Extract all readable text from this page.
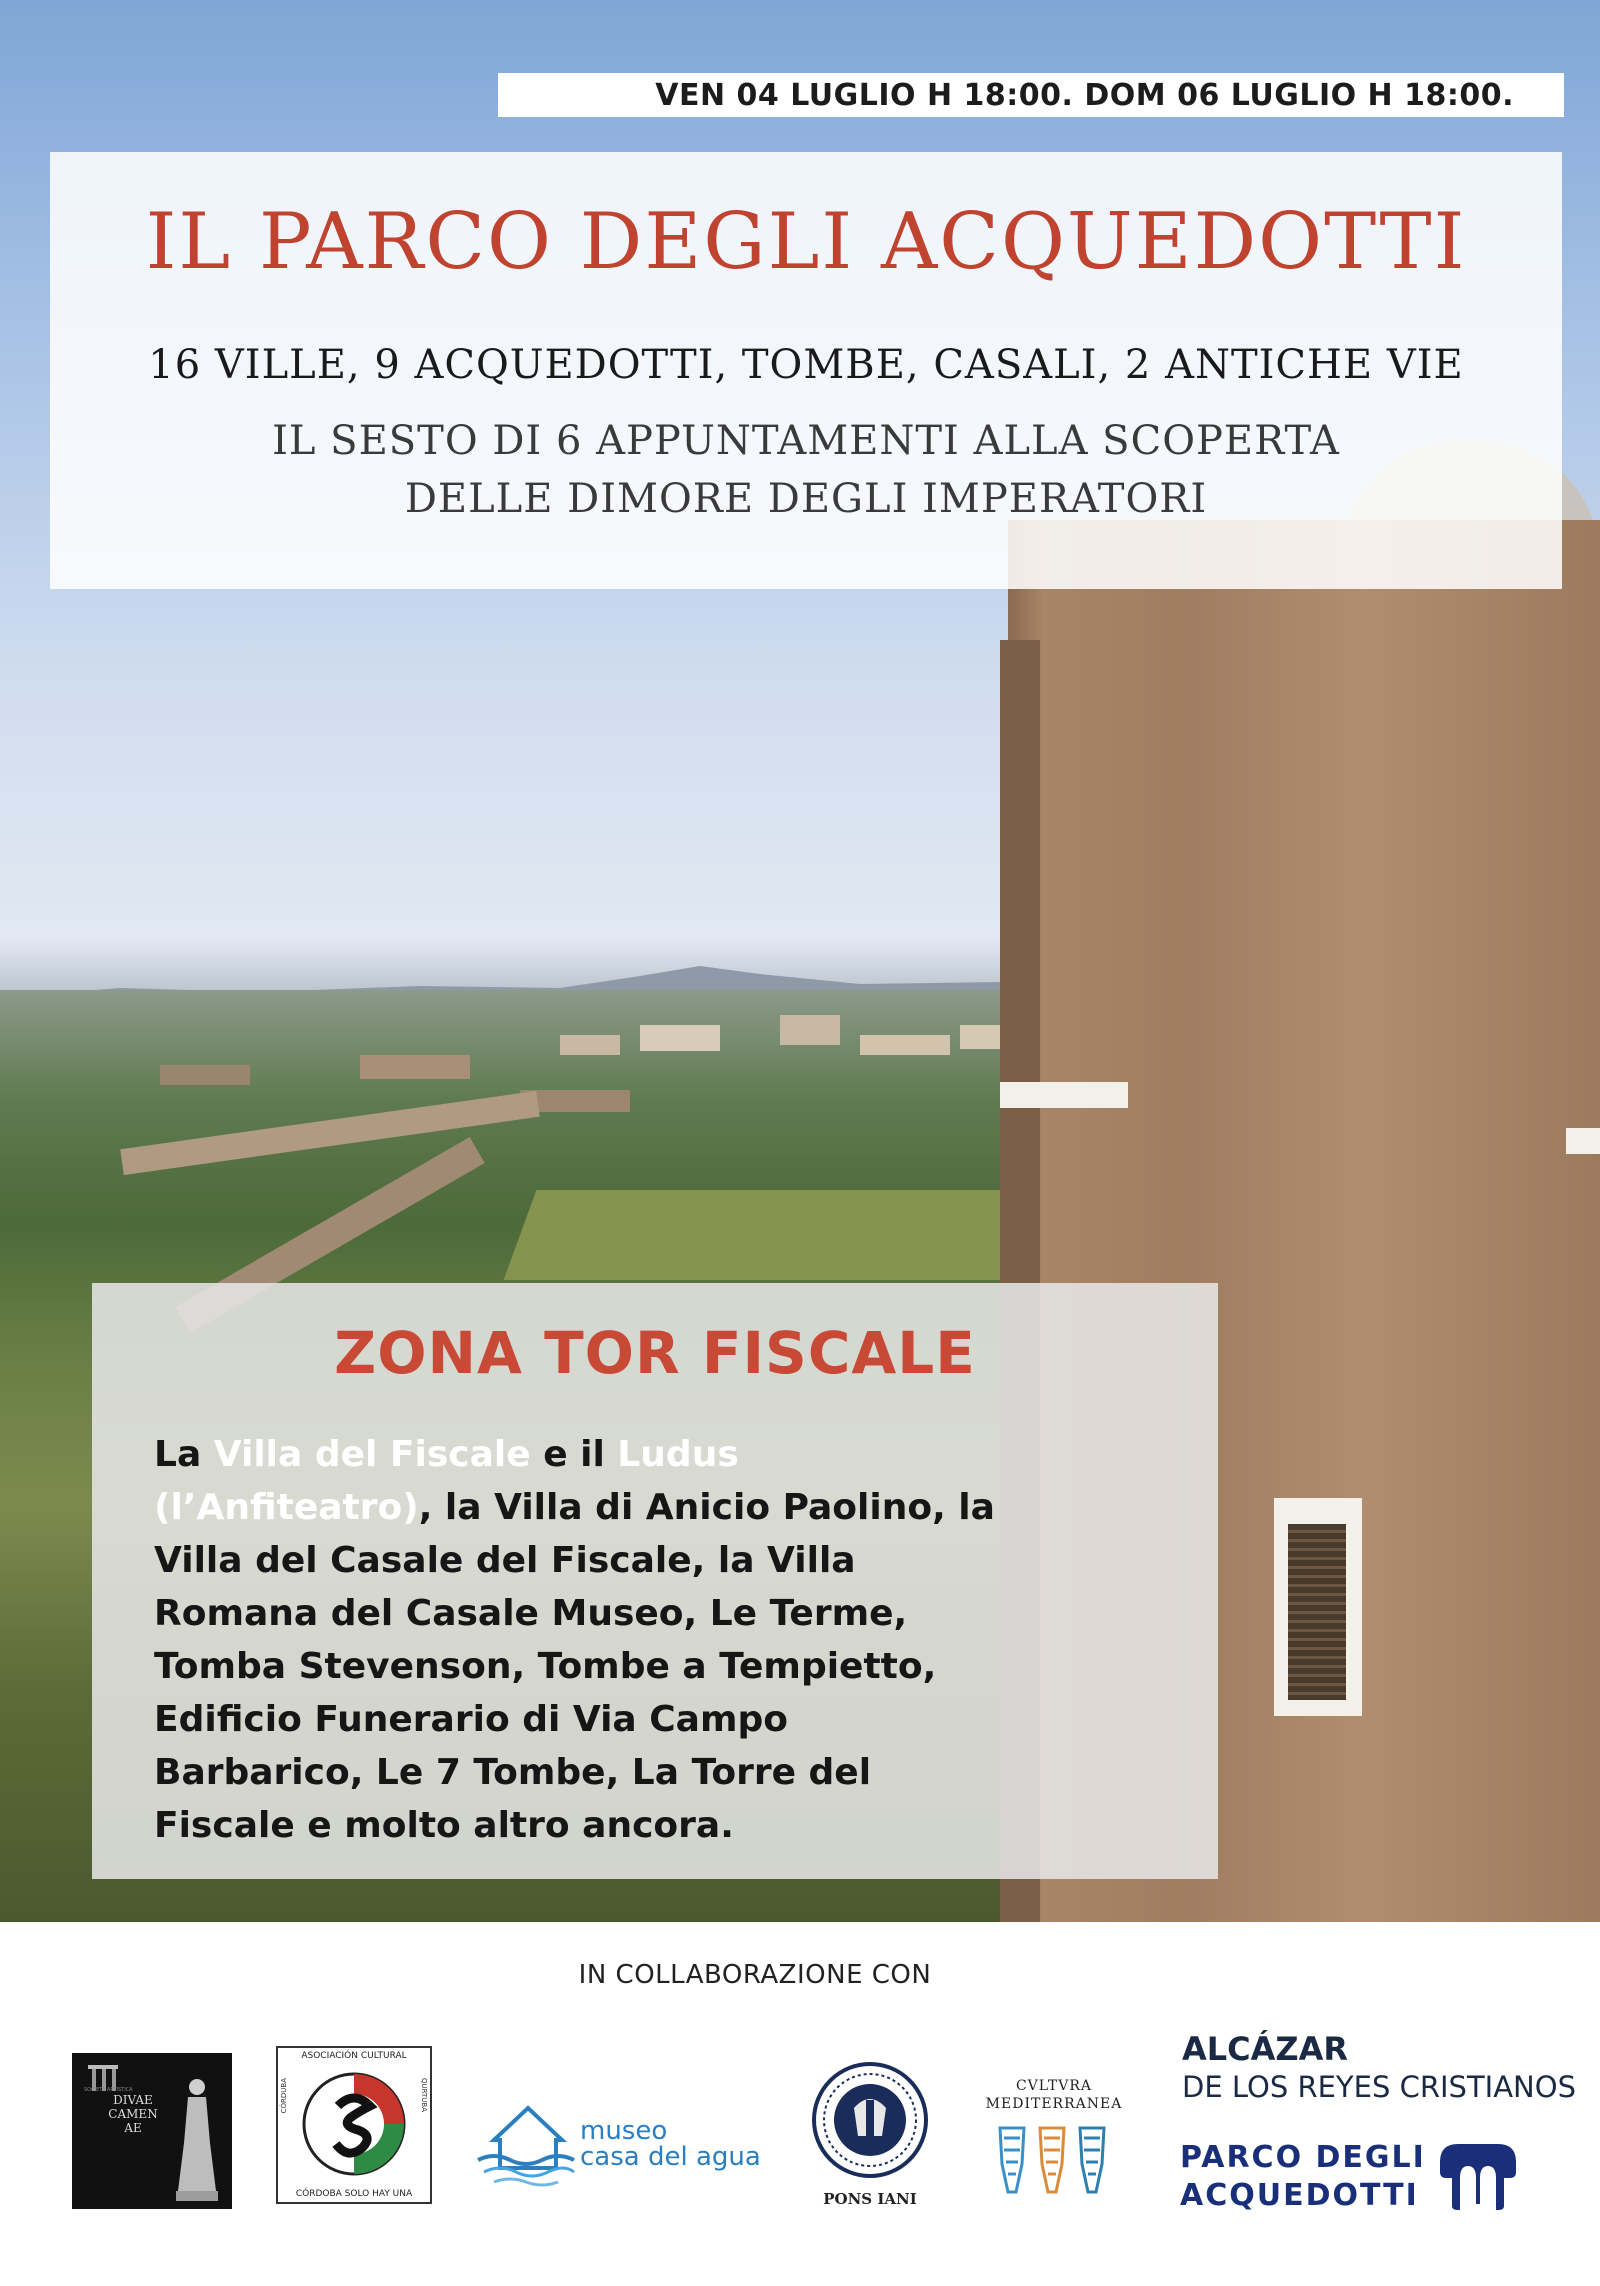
VEN 04 LUGLIO H 18:00. DOM 06 LUGLIO H 18:00.
IL PARCO DEGLI ACQUEDOTTI
16 VILLE, 9 ACQUEDOTTI, TOMBE, CASALI, 2 ANTICHE VIE
IL SESTO DI 6 APPUNTAMENTI ALLA SCOPERTA
DELLE DIMORE DEGLI IMPERATORI
ZONA TOR FISCALE
La Villa del Fiscale e il Ludus
(l’Anfiteatro), la Villa di Anicio Paolino, la
Villa del Casale del Fiscale, la Villa
Romana del Casale Museo, Le Terme,
Tomba Stevenson, Tombe a Tempietto,
Edificio Funerario di Via Campo
Barbarico, Le 7 Tombe, La Torre del
Fiscale e molto altro ancora.
IN COLLABORAZIONE CON
SOCIETÀ ARTISTICA
DIVAE
CAMEN
AE
ASOCIACIÓN CULTURAL
CÓRDUBA	QURTUBA
CÓRDOBA SOLO HAY UNA
museo
casa del agua
PONS IANI
CVLTVRA
MEDITERRANEA
ALCÁZAR
DE LOS REYES CRISTIANOS
PARCO DEGLI
ACQUEDOTTI
